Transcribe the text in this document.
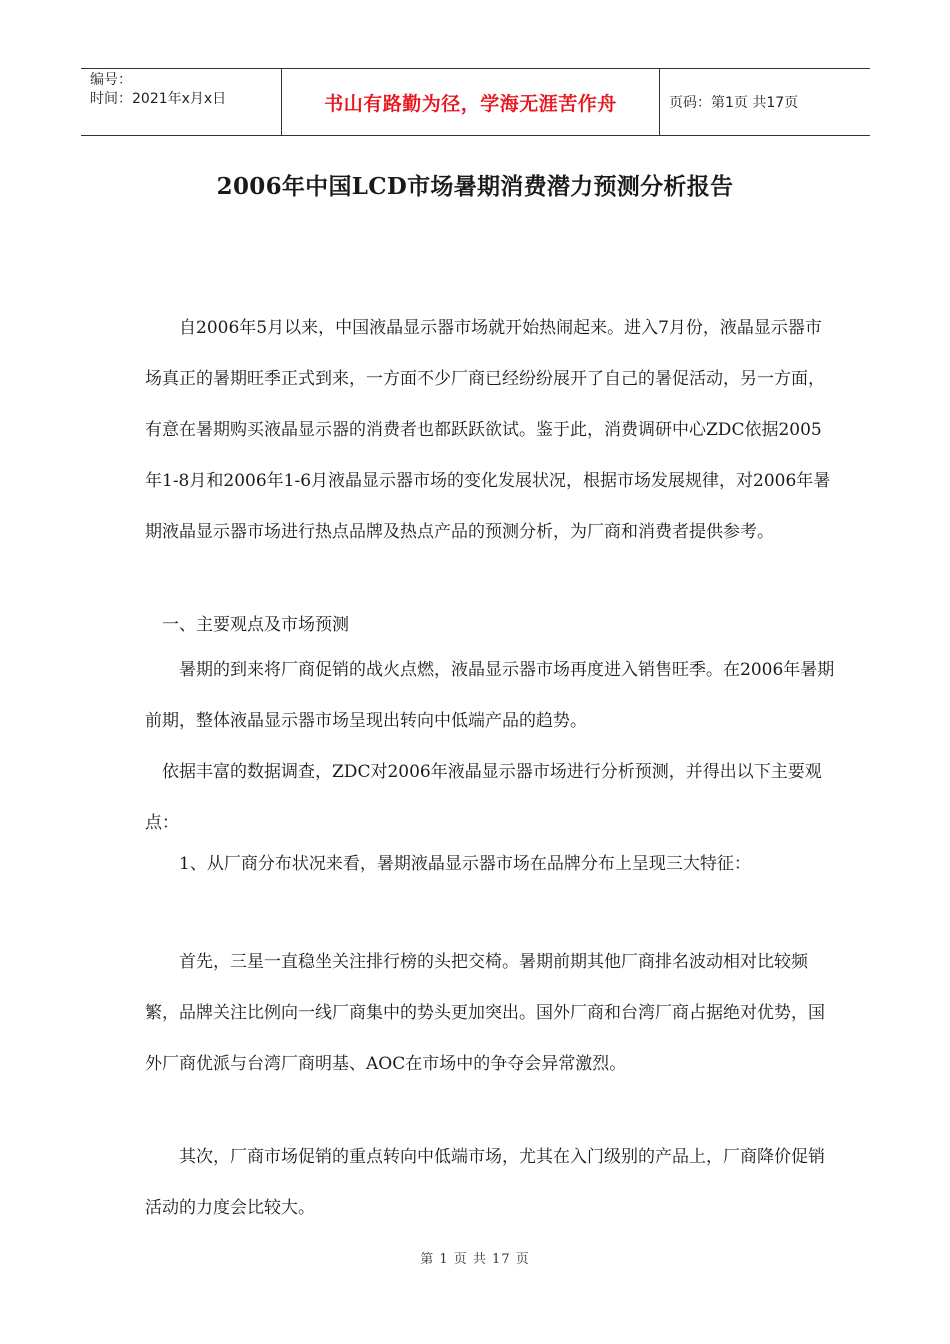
编号：
时间：2021年x月x日	书山有路勤为径，学海无涯苦作舟	页码：第1页 共17页
2006年中国LCD市场暑期消费潜力预测分析报告

　　自2006年5月以来，中国液晶显示器市场就开始热闹起来。进入7月份，液晶显示器市场真正的暑期旺季正式到来，一方面不少厂商已经纷纷展开了自己的暑促活动，另一方面，有意在暑期购买液晶显示器的消费者也都跃跃欲试。鉴于此，消费调研中心ZDC依据2005年1-8月和2006年1-6月液晶显示器市场的变化发展状况，根据市场发展规律，对2006年暑期液晶显示器市场进行热点品牌及热点产品的预测分析，为厂商和消费者提供参考。

　一、主要观点及市场预测

　　暑期的到来将厂商促销的战火点燃，液晶显示器市场再度进入销售旺季。在2006年暑期前期，整体液晶显示器市场呈现出转向中低端产品的趋势。

　依据丰富的数据调查，ZDC对2006年液晶显示器市场进行分析预测，并得出以下主要观点：

　　1、从厂商分布状况来看，暑期液晶显示器市场在品牌分布上呈现三大特征：

　　首先，三星一直稳坐关注排行榜的头把交椅。暑期前期其他厂商排名波动相对比较频繁，品牌关注比例向一线厂商集中的势头更加突出。国外厂商和台湾厂商占据绝对优势，国外厂商优派与台湾厂商明基、AOC在市场中的争夺会异常激烈。

　　其次，厂商市场促销的重点转向中低端市场，尤其在入门级别的产品上，厂商降价促销活动的力度会比较大。

第 1 页 共 17 页
